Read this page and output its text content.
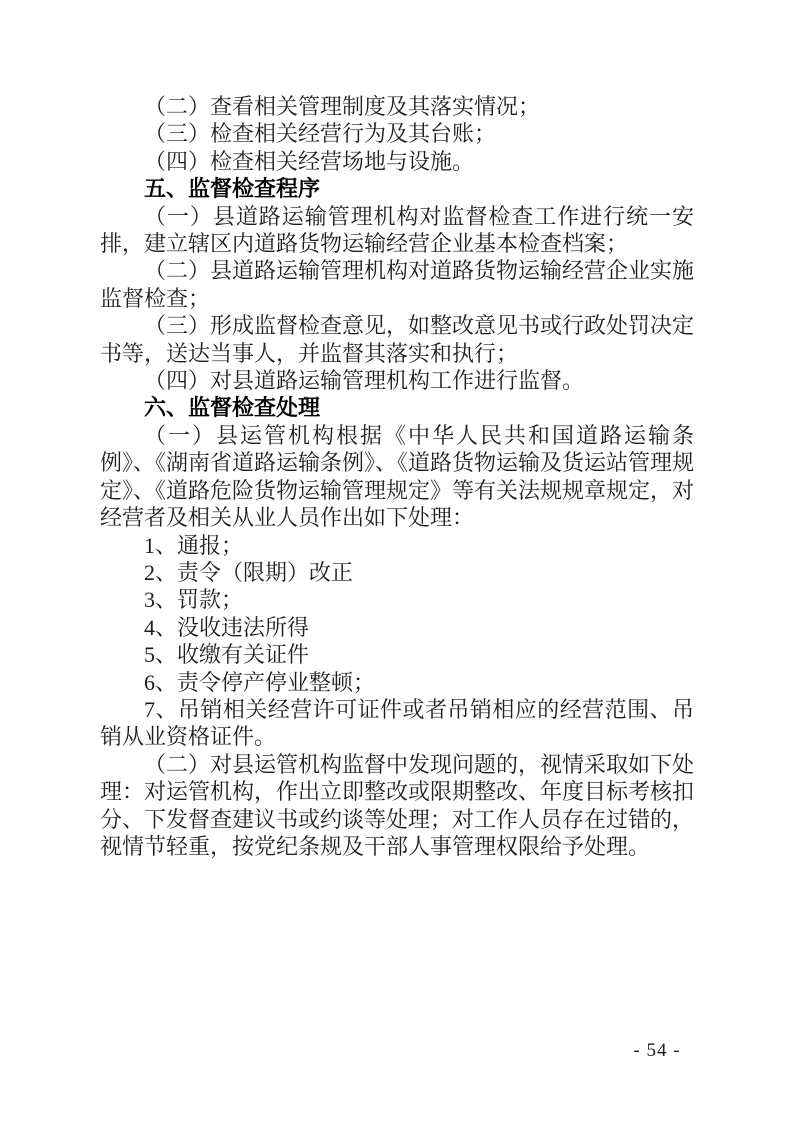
（二）查看相关管理制度及其落实情况；

（三）检查相关经营行为及其台账；

（四）检查相关经营场地与设施。

五、监督检查程序

（一）县道路运输管理机构对监督检查工作进行统一安排，建立辖区内道路货物运输经营企业基本检查档案；

（二）县道路运输管理机构对道路货物运输经营企业实施监督检查；

（三）形成监督检查意见，如整改意见书或行政处罚决定书等，送达当事人，并监督其落实和执行；

（四）对县道路运输管理机构工作进行监督。

六、监督检查处理

（一）县运管机构根据《中华人民共和国道路运输条例》、《湖南省道路运输条例》、《道路货物运输及货运站管理规定》、《道路危险货物运输管理规定》等有关法规规章规定，对经营者及相关从业人员作出如下处理：

1、通报；

2、责令（限期）改正

3、罚款；

4、没收违法所得

5、收缴有关证件

6、责令停产停业整顿；

7、吊销相关经营许可证件或者吊销相应的经营范围、吊销从业资格证件。

（二）对县运管机构监督中发现问题的，视情采取如下处理：对运管机构，作出立即整改或限期整改、年度目标考核扣分、下发督查建议书或约谈等处理；对工作人员存在过错的，视情节轻重，按党纪条规及干部人事管理权限给予处理。

- 54 -
